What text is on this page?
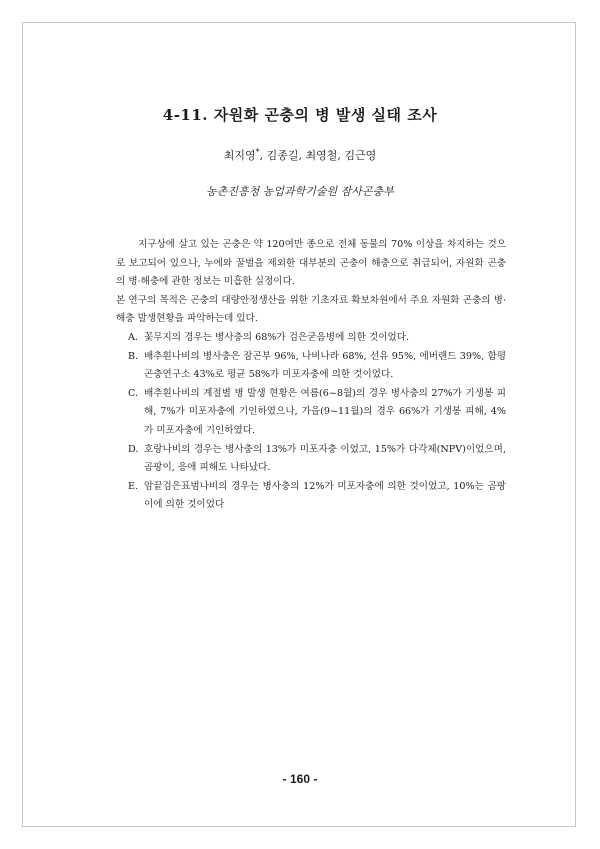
4-11. 자원화 곤충의 병 발생 실태 조사
최지영*, 김종길, 최영철, 김근영
농촌진흥청 농업과학기술원 잠사곤충부

지구상에 살고 있는 곤충은 약 120여만 종으로 전체 동물의 70% 이상을 차지하는 것으로 보고되어 있으나, 누에와 꿀벌을 제외한 대부분의 곤충이 해충으로 취급되어, 자원화 곤충의 병·해충에 관한 정보는 미흡한 실정이다.

본 연구의 목적은 곤충의 대량안정생산을 위한 기초자료 확보차원에서 주요 자원화 곤충의 병·해충 발생현황을 파악하는데 있다.

A. 꽃무지의 경우는 병사충의 68%가 검은굳음병에 의한 것이었다.
B. 배추흰나비의 병사충은 잠곤부 96%, 나비나라 68%, 선유 95%, 에버랜드 39%, 함평곤충연구소 43%로 평균 58%가 미포자충에 의한 것이었다.
C. 배추흰나비의 계절별 병 발생 현황은 여름(6~8월)의 경우 병사충의 27%가 기생봉 피해, 7%가 미포자충에 기인하였으나, 가을(9~11월)의 경우 66%가 기생봉 피해, 4%가 미포자충에 기인하였다.
D. 호랑나비의 경우는 병사충의 13%가 미포자충 이었고, 15%가 다각체(NPV)이었으며, 곰팡이, 응애 피해도 나타났다.
E. 암끝검은표범나비의 경우는 병사충의 12%가 미포자충에 의한 것이었고, 10%는 곰팡이에 의한 것이었다
- 160 -
